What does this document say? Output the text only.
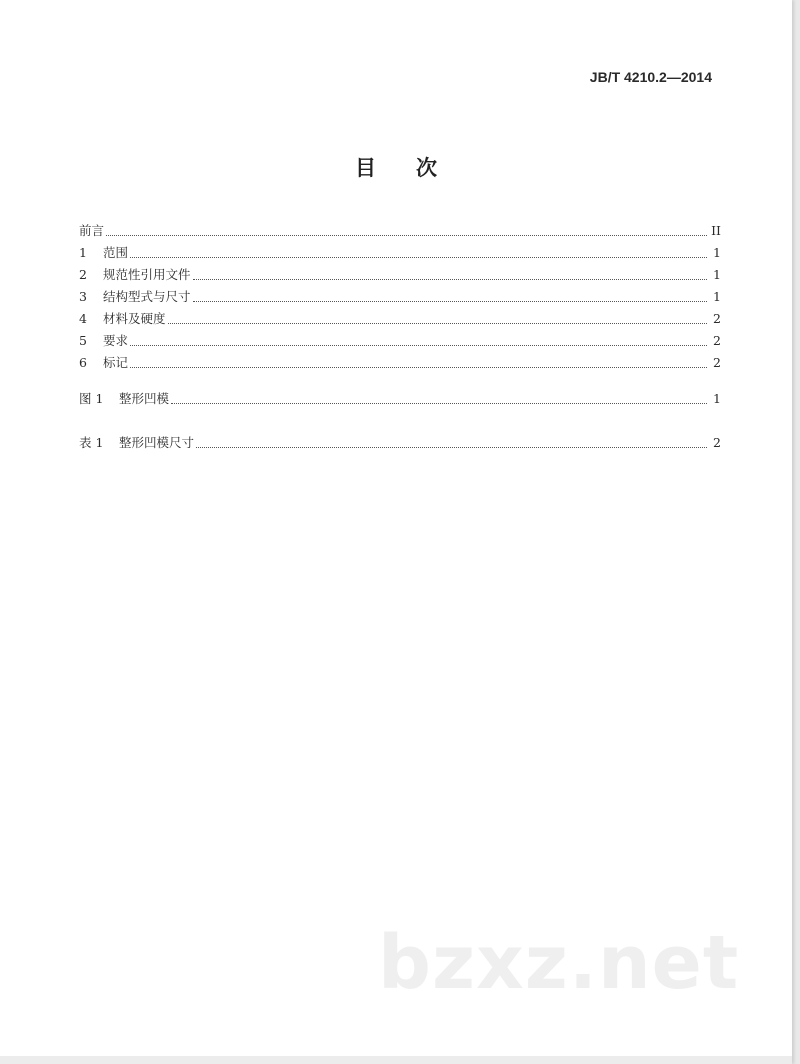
JB/T 4210.2—2014
目次
前言	II
1	范围	1
2	规范性引用文件	1
3	结构型式与尺寸	1
4	材料及硬度	2
5	要求	2
6	标记	2
图 1	整形凹模	1
表 1	整形凹模尺寸	2
bzxz.net
